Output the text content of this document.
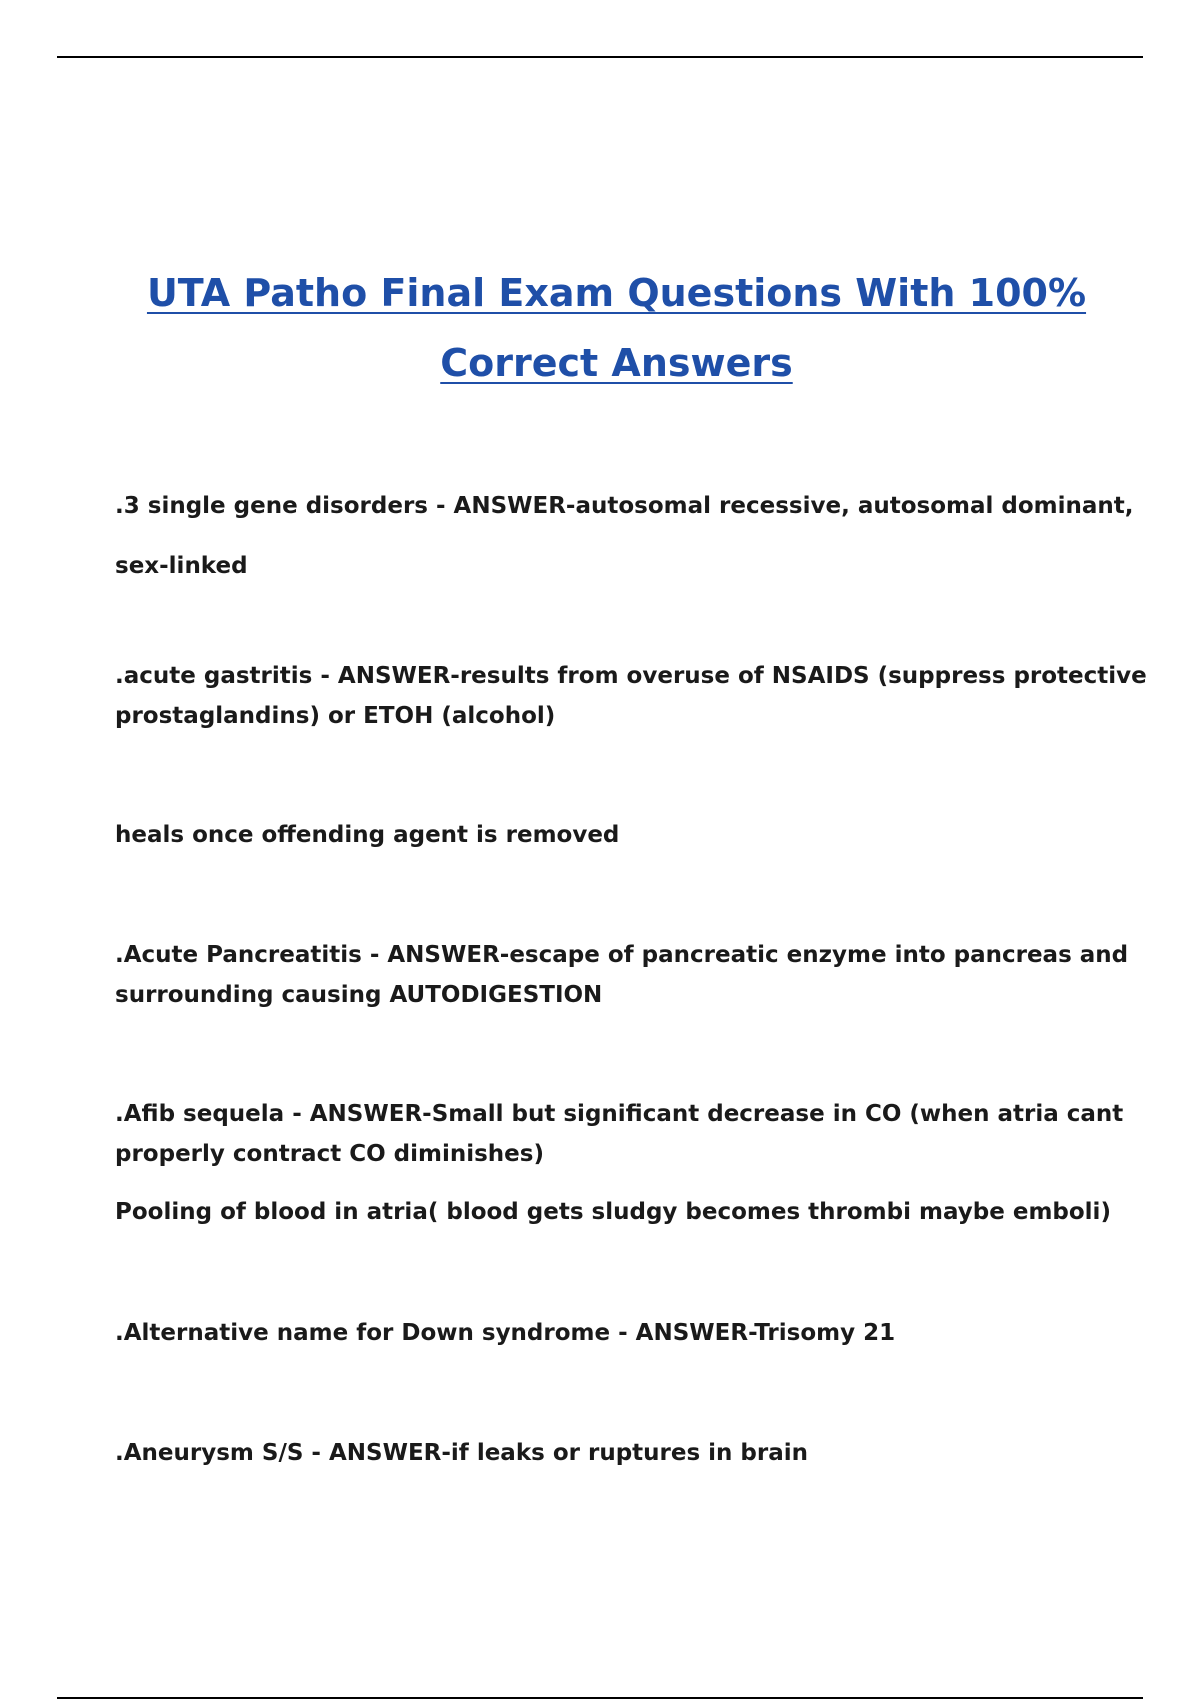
UTA Patho Final Exam Questions With 100%
Correct Answers
.3 single gene disorders - ANSWER-autosomal recessive, autosomal dominant,
sex-linked
.acute gastritis - ANSWER-results from overuse of NSAIDS (suppress protective
prostaglandins) or ETOH (alcohol)
heals once offending agent is removed
.Acute Pancreatitis - ANSWER-escape of pancreatic enzyme into pancreas and
surrounding causing AUTODIGESTION
.Afib sequela - ANSWER-Small but significant decrease in CO (when atria cant
properly contract CO diminishes)
Pooling of blood in atria( blood gets sludgy becomes thrombi maybe emboli)
.Alternative name for Down syndrome - ANSWER-Trisomy 21
.Aneurysm S/S - ANSWER-if leaks or ruptures in brain
